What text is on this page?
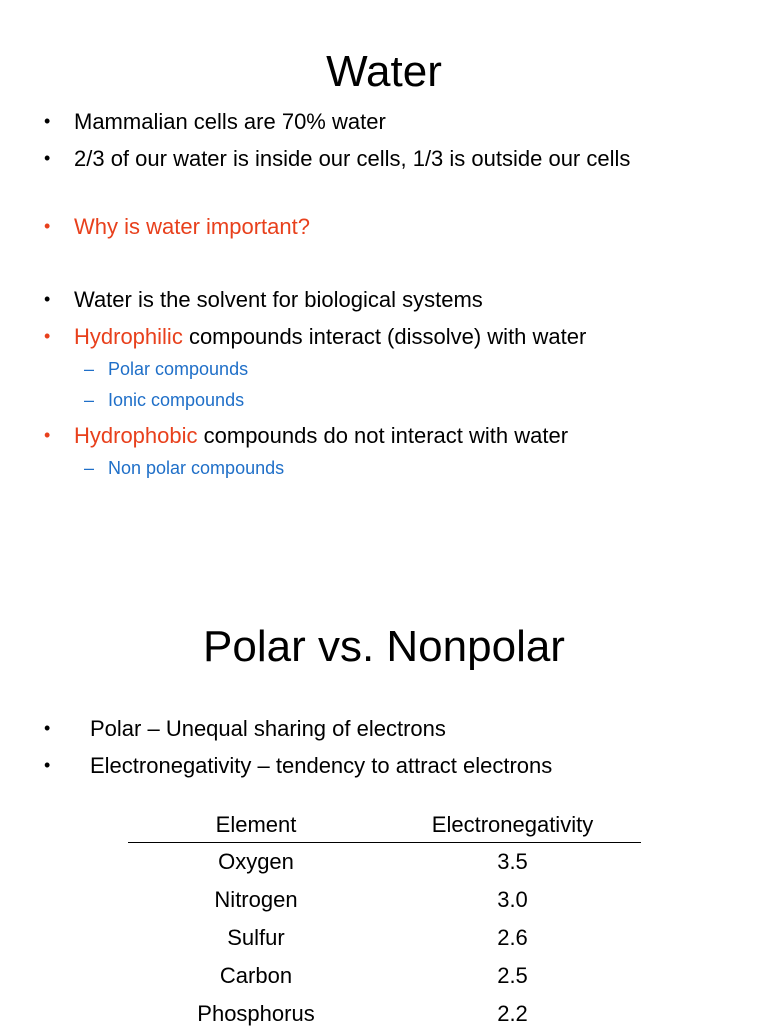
Water
• Mammalian cells are 70% water
• 2/3 of our water is inside our cells, 1/3 is outside our cells
• Why is water important?
• Water is the solvent for biological systems
• Hydrophilic compounds interact (dissolve) with water
– Polar compounds
– Ionic compounds
• Hydrophobic compounds do not interact with water
– Non polar compounds
Polar vs. Nonpolar
• Polar – Unequal sharing of electrons
• Electronegativity – tendency to attract electrons
Element	Electronegativity
Oxygen	3.5
Nitrogen	3.0
Sulfur	2.6
Carbon	2.5
Phosphorus	2.2
